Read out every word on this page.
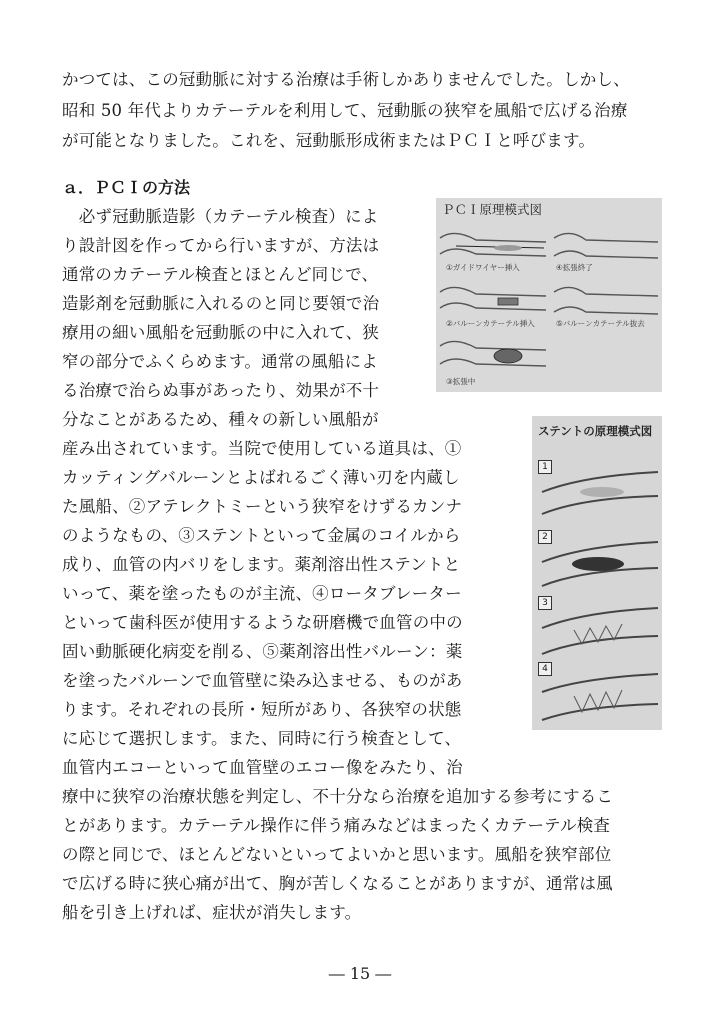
かつては、この冠動脈に対する治療は手術しかありませんでした。しかし、
昭和 50 年代よりカテーテルを利用して、冠動脈の狭窄を風船で広げる治療
が可能となりました。これを、冠動脈形成術またはＰＣＩと呼びます。
ａ．ＰＣＩの方法
　必ず冠動脈造影（カテーテル検査）によ
り設計図を作ってから行いますが、方法は
通常のカテーテル検査とほとんど同じで、
造影剤を冠動脈に入れるのと同じ要領で治
療用の細い風船を冠動脈の中に入れて、狭
窄の部分でふくらめます。通常の風船によ
る治療で治らぬ事があったり、効果が不十
分なことがあるため、種々の新しい風船が
産み出されています。当院で使用している道具は、①
カッティングバルーンとよばれるごく薄い刃を内蔵し
た風船、②アテレクトミーという狭窄をけずるカンナ
のようなもの、③ステントといって金属のコイルから
成り、血管の内バリをします。薬剤溶出性ステントと
いって、薬を塗ったものが主流、④ロータブレーター
といって歯科医が使用するような研磨機で血管の中の
固い動脈硬化病変を削る、⑤薬剤溶出性バルーン：薬
を塗ったバルーンで血管壁に染み込ませる、ものがあ
ります。それぞれの長所・短所があり、各狭窄の状態
に応じて選択します。また、同時に行う検査として、
血管内エコーといって血管壁のエコー像をみたり、治
療中に狭窄の治療状態を判定し、不十分なら治療を追加する参考にするこ
とがあります。カテーテル操作に伴う痛みなどはまったくカテーテル検査
の際と同じで、ほとんどないといってよいかと思います。風船を狭窄部位
で広げる時に狭心痛が出て、胸が苦しくなることがありますが、通常は風
船を引き上げれば、症状が消失します。
ＰＣＩ原理模式図
①ガイドワイヤー挿入	④拡張終了
②バルーンカテーテル挿入	⑤バルーンカテーテル抜去
③拡張中
ステントの原理模式図
1
2
3
4
― 15 ―
